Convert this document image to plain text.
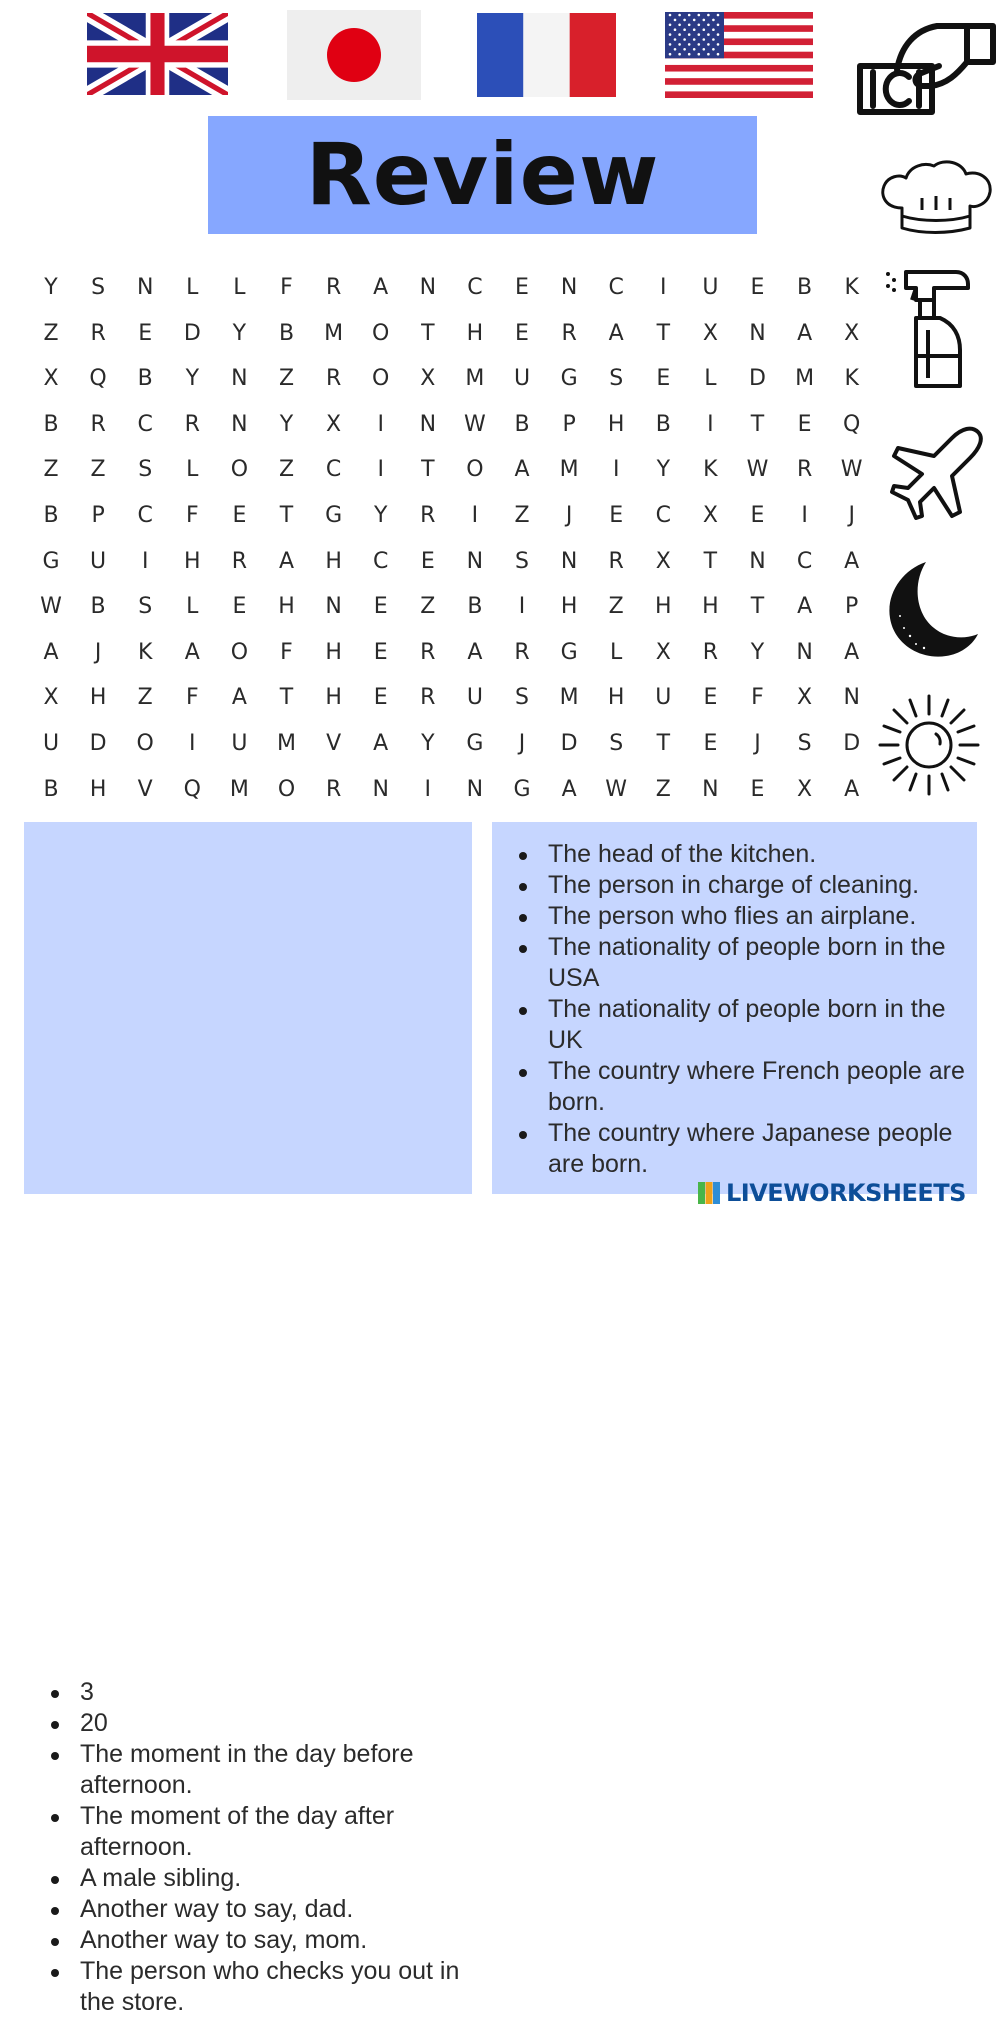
Review
Y	S	N	L	L	F	R	A	N	C	E	N	C	I	U	E	B	K
Z	R	E	D	Y	B	M	O	T	H	E	R	A	T	X	N	A	X
X	Q	B	Y	N	Z	R	O	X	M	U	G	S	E	L	D	M	K
B	R	C	R	N	Y	X	I	N	W	B	P	H	B	I	T	E	Q
Z	Z	S	L	O	Z	C	I	T	O	A	M	I	Y	K	W	R	W
B	P	C	F	E	T	G	Y	R	I	Z	J	E	C	X	E	I	J
G	U	I	H	R	A	H	C	E	N	S	N	R	X	T	N	C	A
W	B	S	L	E	H	N	E	Z	B	I	H	Z	H	H	T	A	P
A	J	K	A	O	F	H	E	R	A	R	G	L	X	R	Y	N	A
X	H	Z	F	A	T	H	E	R	U	S	M	H	U	E	F	X	N
U	D	O	I	U	M	V	A	Y	G	J	D	S	T	E	J	S	D
B	H	V	Q	M	O	R	N	I	N	G	A	W	Z	N	E	X	A
3
20
The moment in the day before afternoon.
The moment of the day after afternoon.
A male sibling.
Another way to say, dad.
Another way to say, mom.
The person who checks you out in the store.
The head of the kitchen.
The person in charge of cleaning.
The person who flies an airplane.
The nationality of people born in the USA
The nationality of people born in the UK
The country where French people are born.
The country where Japanese people are born.
LIVEWORKSHEETS
